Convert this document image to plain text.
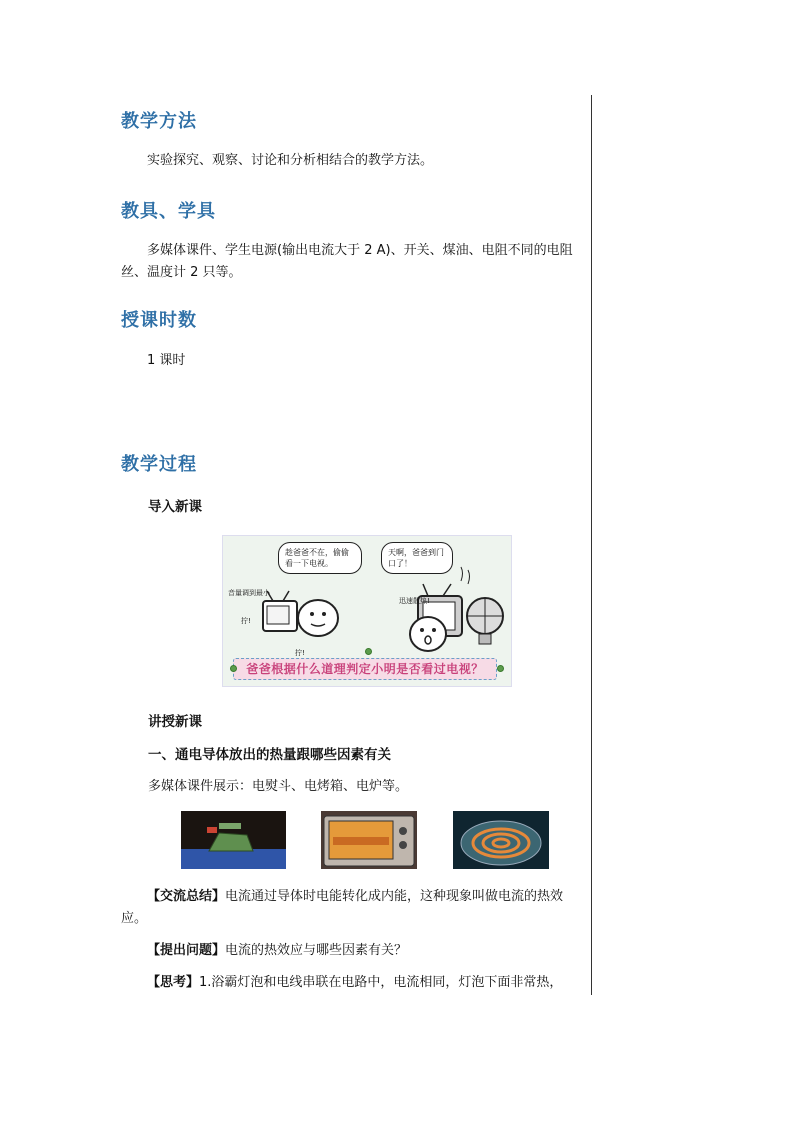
教学方法
实验探究、观察、讨论和分析相结合的教学方法。
教具、学具
多媒体课件、学生电源(输出电流大于 2 A)、开关、煤油、电阻不同的电阻丝、温度计 2 只等。
授课时数
1 课时
教学过程
导入新课
趁爸爸不在，偷偷看一下电视。
天啊，爸爸到门口了！
音量调到最小
拧!
拧!
迅速散热!
爸爸根据什么道理判定小明是否看过电视？
讲授新课
一、通电导体放出的热量跟哪些因素有关
多媒体课件展示：电熨斗、电烤箱、电炉等。
【交流总结】电流通过导体时电能转化成内能，这种现象叫做电流的热效应。
【提出问题】电流的热效应与哪些因素有关？
【思考】1.浴霸灯泡和电线串联在电路中，电流相同，灯泡下面非常热，
